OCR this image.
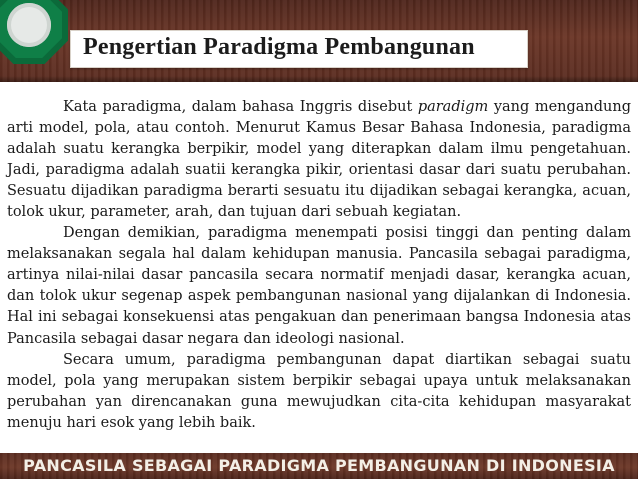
Pengertian Paradigma Pembangunan

Kata paradigma, dalam bahasa Inggris disebut paradigm yang mengandung arti model, pola, atau contoh. Menurut Kamus Besar Bahasa Indonesia, paradigma adalah suatu kerangka berpikir, model yang diterapkan dalam ilmu pengetahuan. Jadi, paradigma adalah suatii kerangka pikir, orientasi dasar dari suatu perubahan. Sesuatu dijadikan paradigma berarti sesuatu itu dijadikan sebagai kerangka, acuan, tolok ukur, parameter, arah, dan tujuan dari sebuah kegiatan.

Dengan demikian, paradigma menempati posisi tinggi dan penting dalam melaksanakan segala hal dalam kehidupan manusia. Pancasila sebagai paradigma, artinya nilai-nilai dasar pancasila secara normatif menjadi dasar, kerangka acuan, dan tolok ukur segenap aspek pembangunan nasional yang dijalankan di Indonesia. Hal ini sebagai konsekuensi atas pengakuan dan penerimaan bangsa Indonesia atas Pancasila sebagai dasar negara dan ideologi nasional.

Secara umum, paradigma pembangunan dapat diartikan sebagai suatu model, pola yang merupakan sistem berpikir sebagai upaya untuk melaksanakan perubahan yan direncanakan guna mewujudkan cita-cita kehidupan masyarakat menuju hari esok yang lebih baik.

PANCASILA SEBAGAI PARADIGMA PEMBANGUNAN DI INDONESIA
